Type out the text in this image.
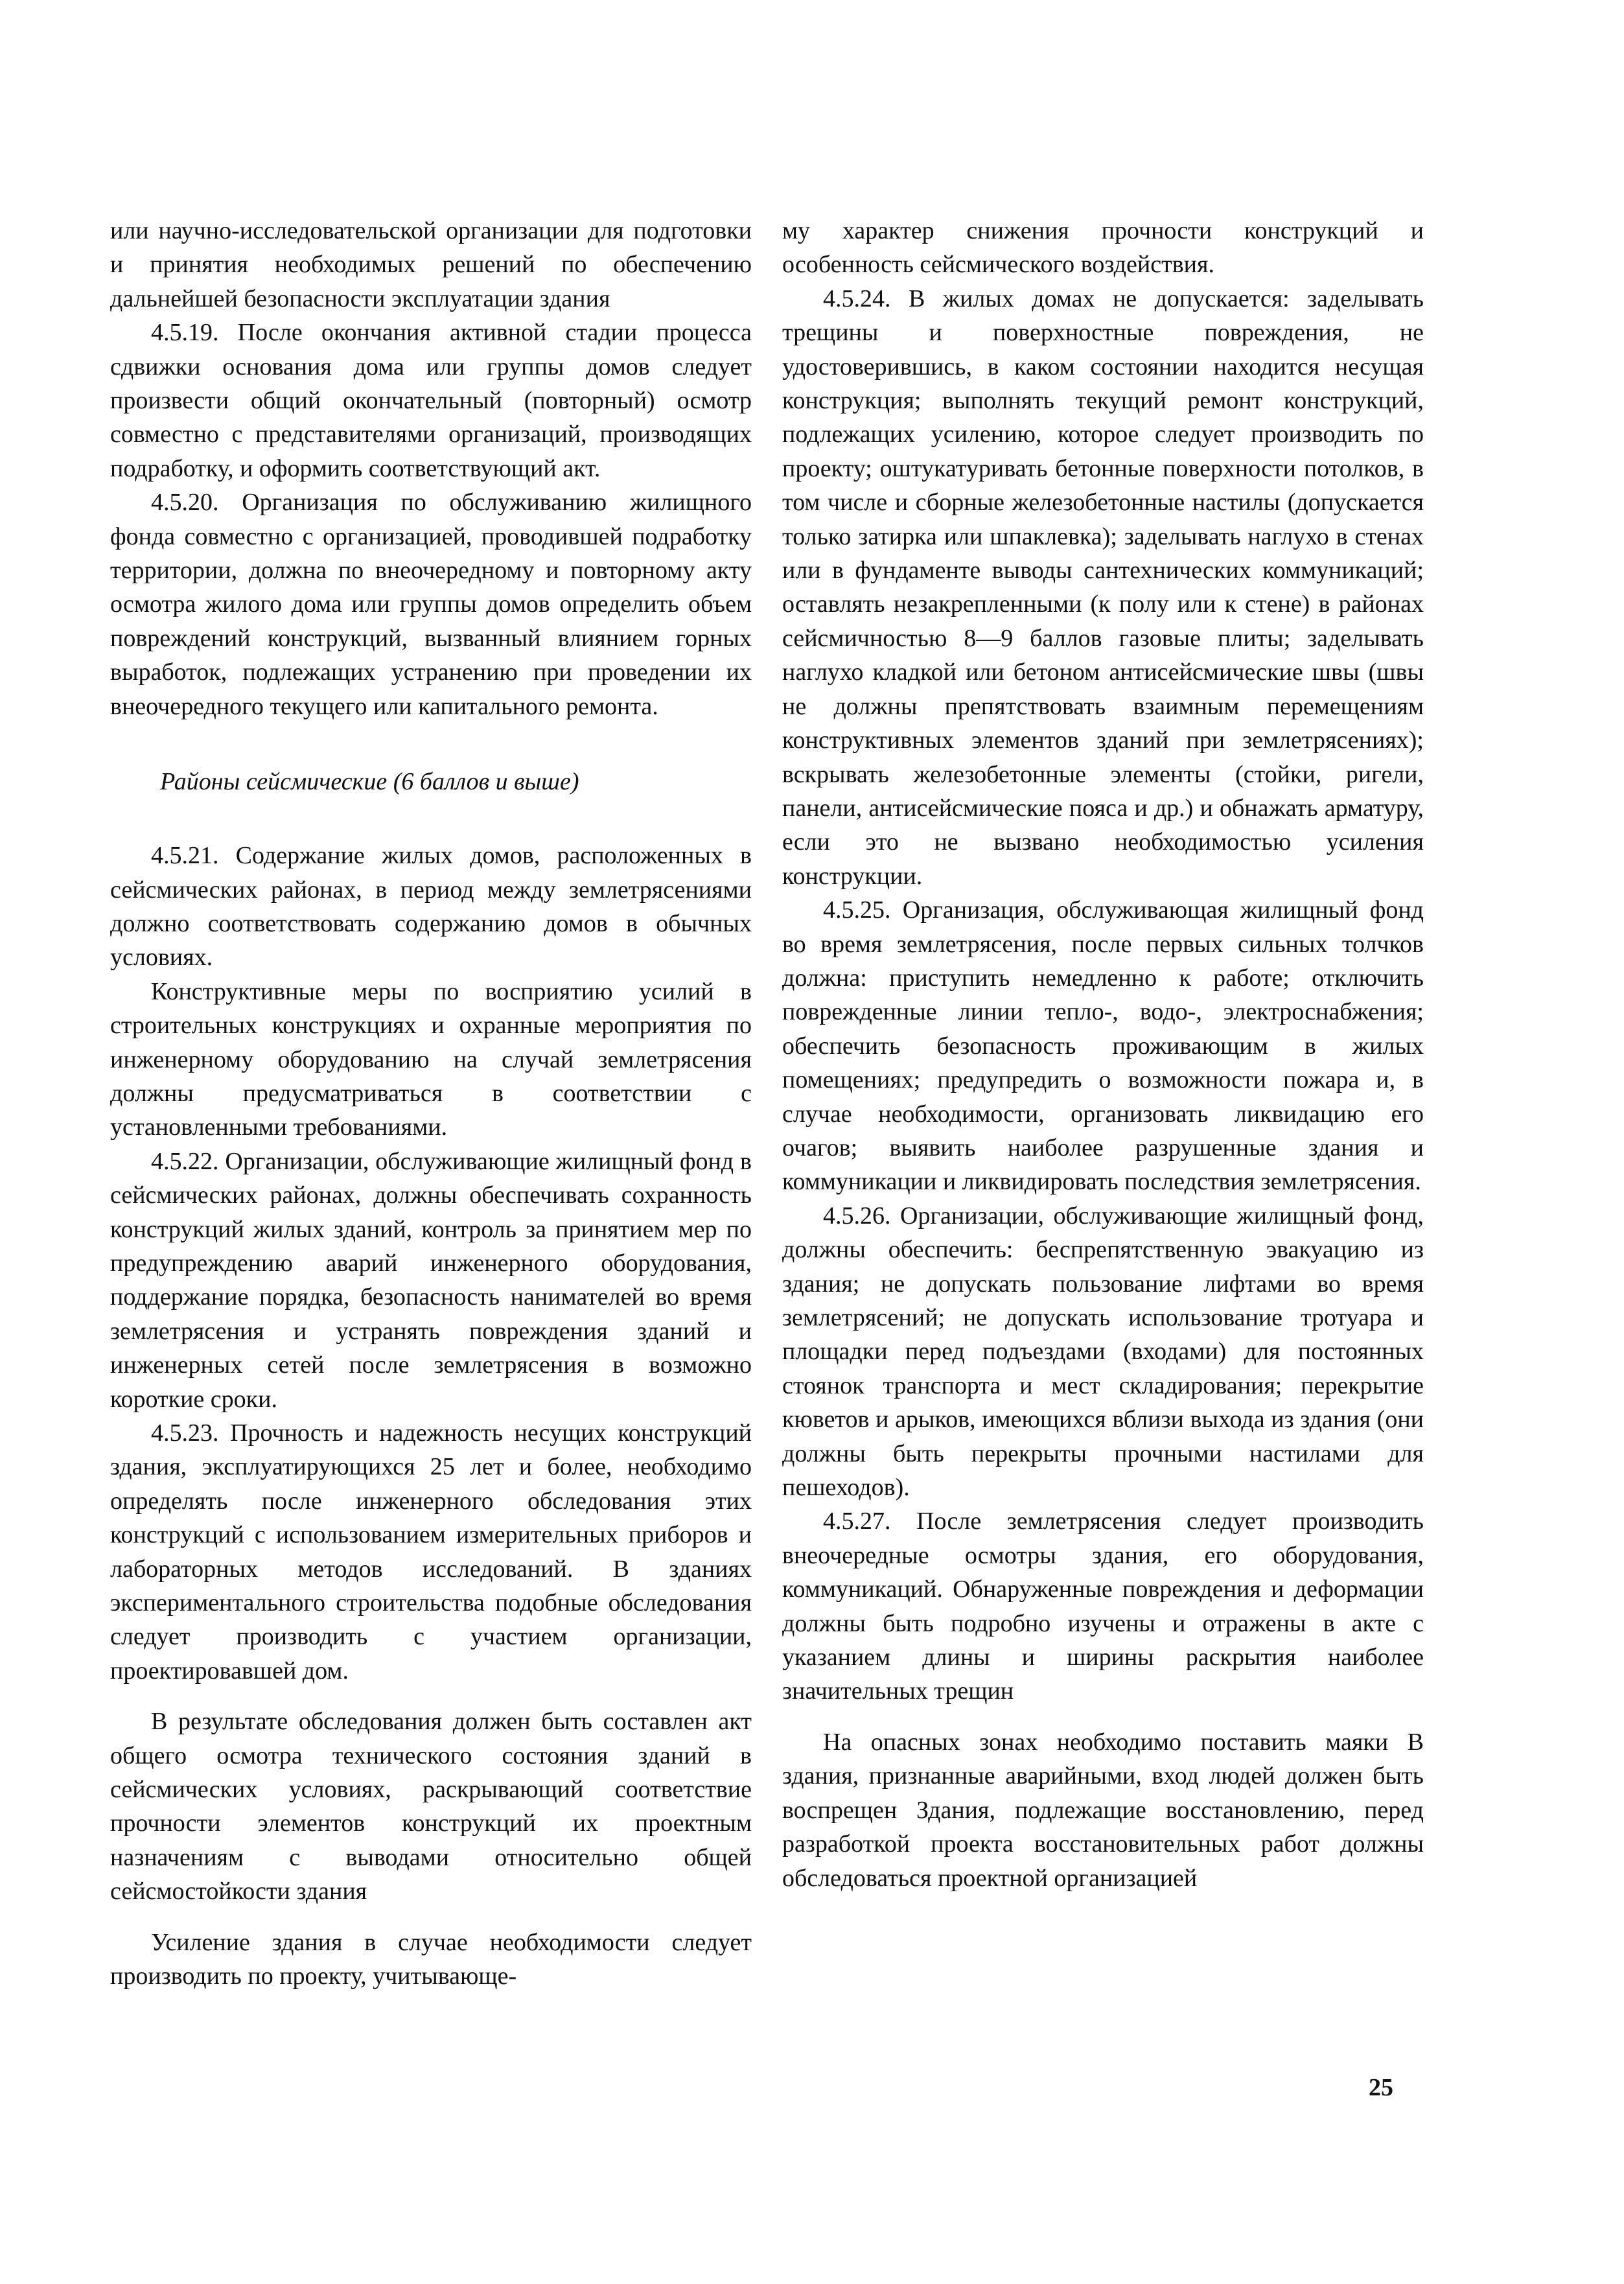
или научно-исследовательской организации для подготовки и принятия необходимых решений по обеспечению дальнейшей безопасности эксплуатации здания

4.5.19. После окончания активной стадии процесса сдвижки основания дома или группы домов следует произвести общий окончательный (повторный) осмотр совместно с представителями организаций, производящих подработку, и оформить соответствующий акт.

4.5.20. Организация по обслуживанию жилищного фонда совместно с организацией, проводившей подработку территории, должна по внеочередному и повторному акту осмотра жилого дома или группы домов определить объем повреждений конструкций, вызванный влиянием горных выработок, подлежащих устранению при проведении их внеочередного текущего или капитального ремонта.

Районы сейсмические (6 баллов и выше)

4.5.21. Содержание жилых домов, расположенных в сейсмических районах, в период между землетрясениями должно соответствовать содержанию домов в обычных условиях.

Конструктивные меры по восприятию усилий в строительных конструкциях и охранные мероприятия по инженерному оборудованию на случай землетрясения должны предусматриваться в соответствии с установленными требованиями.

4.5.22. Организации, обслуживающие жилищный фонд в сейсмических районах, должны обеспечивать сохранность конструкций жилых зданий, контроль за принятием мер по предупреждению аварий инженерного оборудования, поддержание порядка, безопасность нанимателей во время землетрясения и устранять повреждения зданий и инженерных сетей после землетрясения в возможно короткие сроки.

4.5.23. Прочность и надежность несущих конструкций здания, эксплуатирующихся 25 лет и более, необходимо определять после инженерного обследования этих конструкций с использованием измерительных приборов и лабораторных методов исследований. В зданиях экспериментального строительства подобные обследования следует производить с участием организации, проектировавшей дом.

В результате обследования должен быть составлен акт общего осмотра технического состояния зданий в сейсмических условиях, раскрывающий соответствие прочности элементов конструкций их проектным назначениям с выводами относительно общей сейсмостойкости здания

Усиление здания в случае необходимости следует производить по проекту, учитывающе-

му характер снижения прочности конструкций и особенность сейсмического воздействия.

4.5.24. В жилых домах не допускается: заделывать трещины и поверхностные повреждения, не удостоверившись, в каком состоянии находится несущая конструкция; выполнять текущий ремонт конструкций, подлежащих усилению, которое следует производить по проекту; оштукатуривать бетонные поверхности потолков, в том числе и сборные железобетонные настилы (допускается только затирка или шпаклевка); заделывать наглухо в стенах или в фундаменте выводы сантехнических коммуникаций; оставлять незакрепленными (к полу или к стене) в районах сейсмичностью 8—9 баллов газовые плиты; заделывать наглухо кладкой или бетоном антисейсмические швы (швы не должны препятствовать взаимным перемещениям конструктивных элементов зданий при землетрясениях); вскрывать железобетонные элементы (стойки, ригели, панели, антисейсмические пояса и др.) и обнажать арматуру, если это не вызвано необходимостью усиления конструкции.

4.5.25. Организация, обслуживающая жилищный фонд во время землетрясения, после первых сильных толчков должна: приступить немедленно к работе; отключить поврежденные линии тепло-, водо-, электроснабжения; обеспечить безопасность проживающим в жилых помещениях; предупредить о возможности пожара и, в случае необходимости, организовать ликвидацию его очагов; выявить наиболее разрушенные здания и коммуникации и ликвидировать последствия землетрясения.

4.5.26. Организации, обслуживающие жилищный фонд, должны обеспечить: беспрепятственную эвакуацию из здания; не допускать пользование лифтами во время землетрясений; не допускать использование тротуара и площадки перед подъездами (входами) для постоянных стоянок транспорта и мест складирования; перекрытие кюветов и арыков, имеющихся вблизи выхода из здания (они должны быть перекрыты прочными настилами для пешеходов).

4.5.27. После землетрясения следует производить внеочередные осмотры здания, его оборудования, коммуникаций. Обнаруженные повреждения и деформации должны быть подробно изучены и отражены в акте с указанием длины и ширины раскрытия наиболее значительных трещин

На опасных зонах необходимо поставить маяки В здания, признанные аварийными, вход людей должен быть воспрещен Здания, подлежащие восстановлению, перед разработкой проекта восстановительных работ должны обследоваться проектной организацией

25
